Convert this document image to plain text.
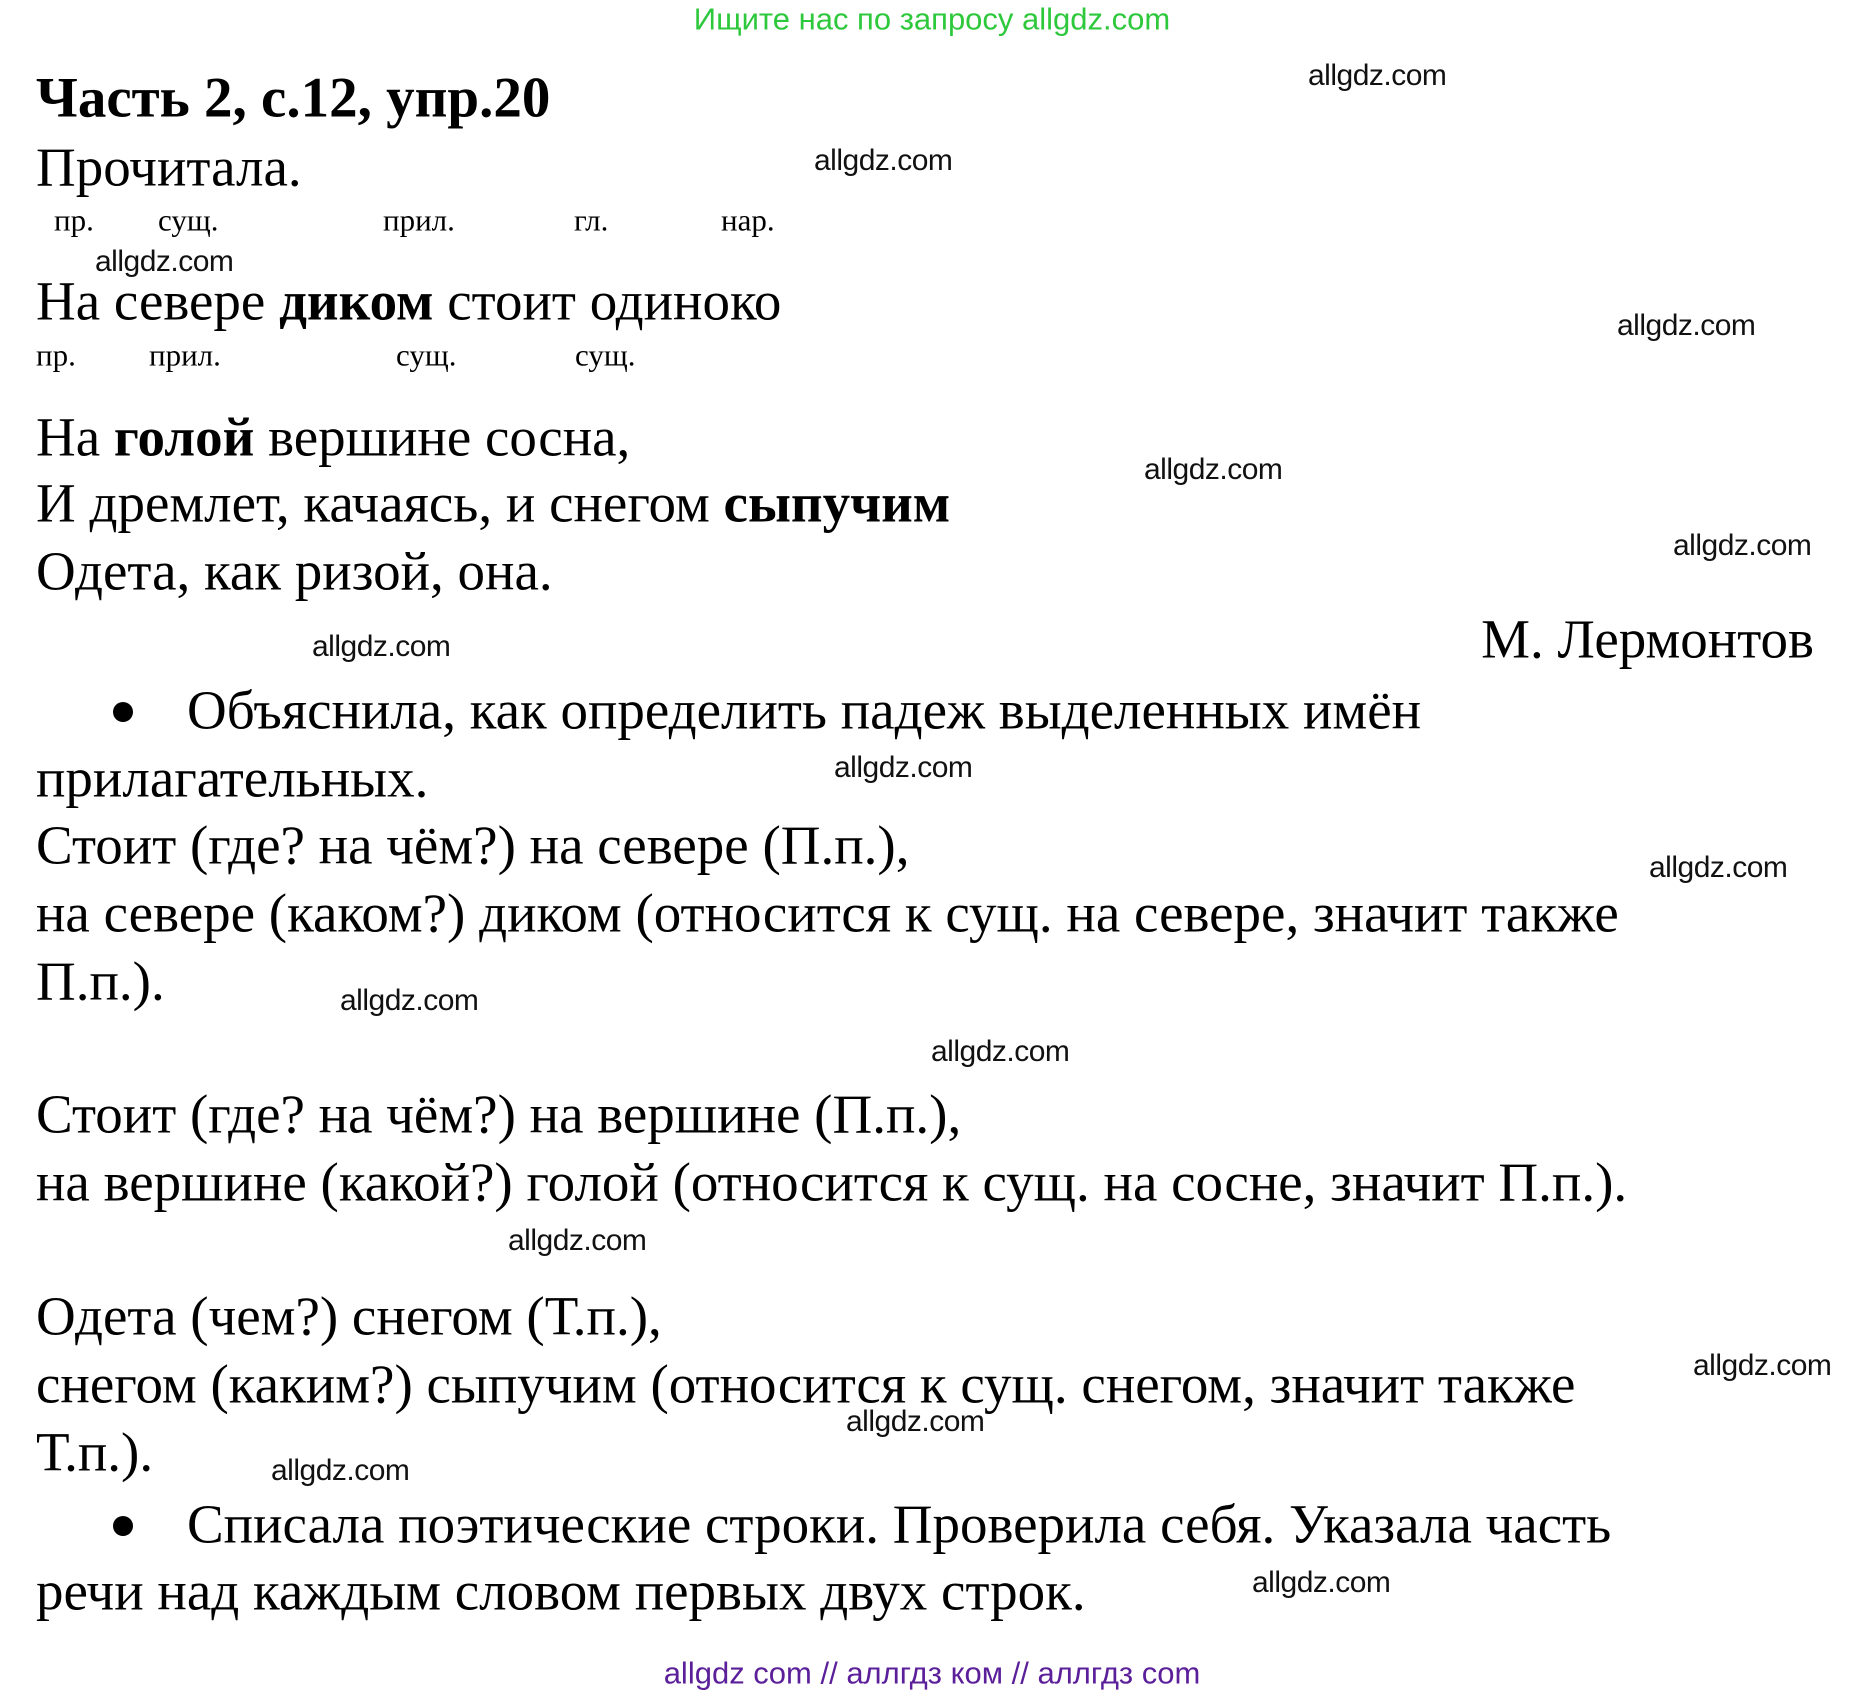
Ищите нас по запросу allgdz.com
Часть 2, с.12, упр.20
Прочитала.
пр. сущ.	прил.	гл.	нар.
На севере диком стоит одиноко
пр. прил.	сущ.	сущ.
На голой вершине сосна,
И дремлет, качаясь, и снегом сыпучим
Одета, как ризой, она.
М. Лермонтов
Объяснила, как определить падеж выделенных имён
прилагательных.
Стоит (где? на чём?) на севере (П.п.),
на севере (каком?) диком (относится к сущ. на севере, значит также
П.п.).
Стоит (где? на чём?) на вершине (П.п.),
на вершине (какой?) голой (относится к сущ. на сосне, значит П.п.).
Одета (чем?) снегом (Т.п.),
снегом (каким?) сыпучим (относится к сущ. снегом, значит также
Т.п.).
Списала поэтические строки. Проверила себя. Указала часть
речи над каждым словом первых двух строк.
allgdz.com
allgdz.com
allgdz.com
allgdz.com
allgdz.com
allgdz.com
allgdz.com
allgdz.com
allgdz.com
allgdz.com
allgdz.com
allgdz.com
allgdz.com
allgdz.com
allgdz.com
allgdz.com
allgdz com // аллгдз ком // аллгдз com
